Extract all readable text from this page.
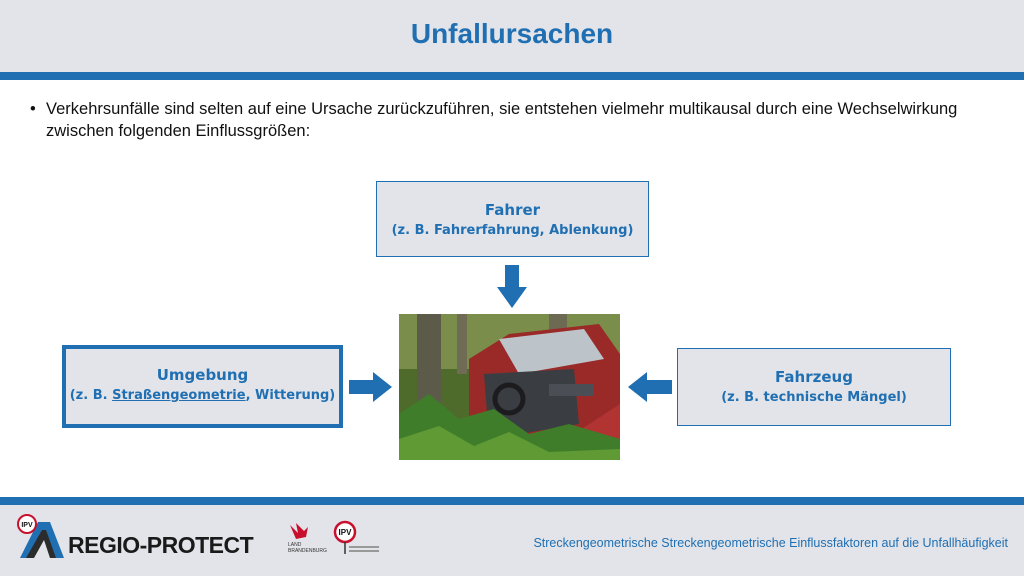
Unfallursachen
• Verkehrsunfälle sind selten auf eine Ursache zurückzuführen, sie entstehen vielmehr multikausal durch eine Wechselwirkung zwischen folgenden Einflussgrößen:
Fahrer
(z. B. Fahrerfahrung, Ablenkung)
Umgebung
(z. B. Straßengeometrie, Witterung)
Fahrzeug
(z. B. technische Mängel)
IPV
REGIO-PROTECT	LAND
BRANDENBURG
IPV
Streckengeometrische Streckengeometrische Einflussfaktoren auf die Unfallhäufigkeit
